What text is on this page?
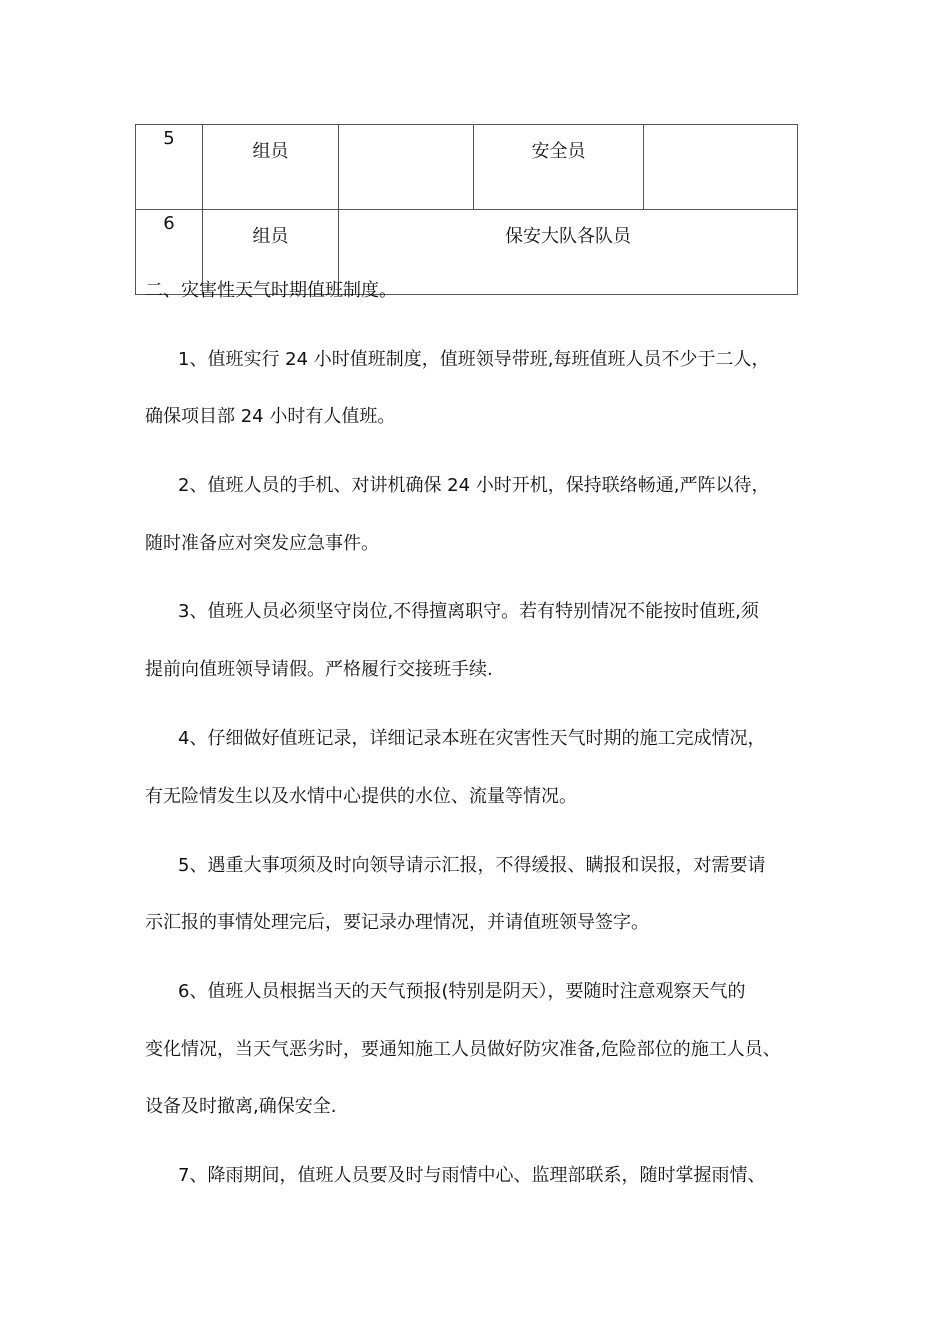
5	组员		安全员	
6	组员	保安大队各队员		
二、灾害性天气时期值班制度。
1、值班实行 24 小时值班制度，值班领导带班,每班值班人员不少于二人，
确保项目部 24 小时有人值班。
2、值班人员的手机、对讲机确保 24 小时开机，保持联络畅通,严阵以待，
随时准备应对突发应急事件。
3、值班人员必须坚守岗位,不得擅离职守。若有特别情况不能按时值班,须
提前向值班领导请假。严格履行交接班手续.
4、仔细做好值班记录，详细记录本班在灾害性天气时期的施工完成情况，
有无险情发生以及水情中心提供的水位、流量等情况。
5、遇重大事项须及时向领导请示汇报，不得缓报、瞒报和误报，对需要请
示汇报的事情处理完后，要记录办理情况，并请值班领导签字。
6、值班人员根据当天的天气预报(特别是阴天），要随时注意观察天气的
变化情况，当天气恶劣时，要通知施工人员做好防灾准备,危险部位的施工人员、
设备及时撤离,确保安全.
7、降雨期间，值班人员要及时与雨情中心、监理部联系，随时掌握雨情、
